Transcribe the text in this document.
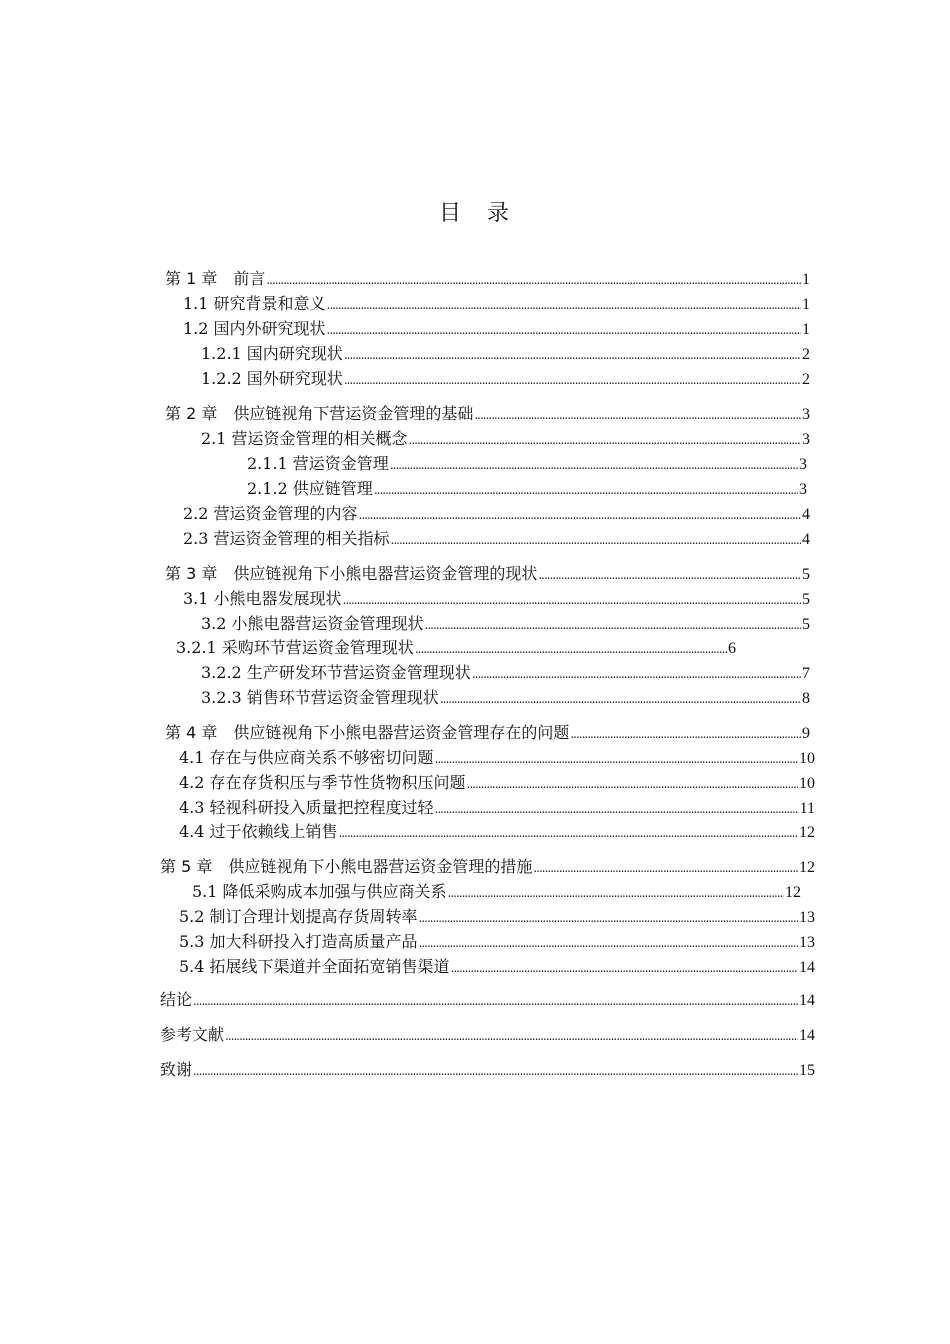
目　录
第 1 章　前言 .....	1
1.1 研究背景和意义 .....	1
1.2 国内外研究现状 .....	1
1.2.1 国内研究现状 .....	2
1.2.2 国外研究现状 .....	2
第 2 章　供应链视角下营运资金管理的基础 .....	3
2.1 营运资金管理的相关概念 .....	3
2.1.1 营运资金管理 .....	3
2.1.2 供应链管理 .....	3
2.2 营运资金管理的内容 .....	4
2.3 营运资金管理的相关指标 .....	4
第 3 章　供应链视角下小熊电器营运资金管理的现状 .....	5
3.1 小熊电器发展现状 .....	5
3.2 小熊电器营运资金管理现状 .....	5
3.2.1 采购环节营运资金管理现状 .....	6
3.2.2 生产研发环节营运资金管理现状 .....	7
3.2.3 销售环节营运资金管理现状 .....	8
第 4 章　供应链视角下小熊电器营运资金管理存在的问题 .....	9
4.1 存在与供应商关系不够密切问题 .....	10
4.2 存在存货积压与季节性货物积压问题 .....	10
4.3 轻视科研投入质量把控程度过轻 .....	11
4.4 过于依赖线上销售 .....	12
第 5 章　供应链视角下小熊电器营运资金管理的措施 .....	12
5.1 降低采购成本加强与供应商关系 .....	12
5.2 制订合理计划提高存货周转率 .....	13
5.3 加大科研投入打造高质量产品 .....	13
5.4 拓展线下渠道并全面拓宽销售渠道 .....	14
结论 .....	14
参考文献 .....	14
致谢 .....	15
